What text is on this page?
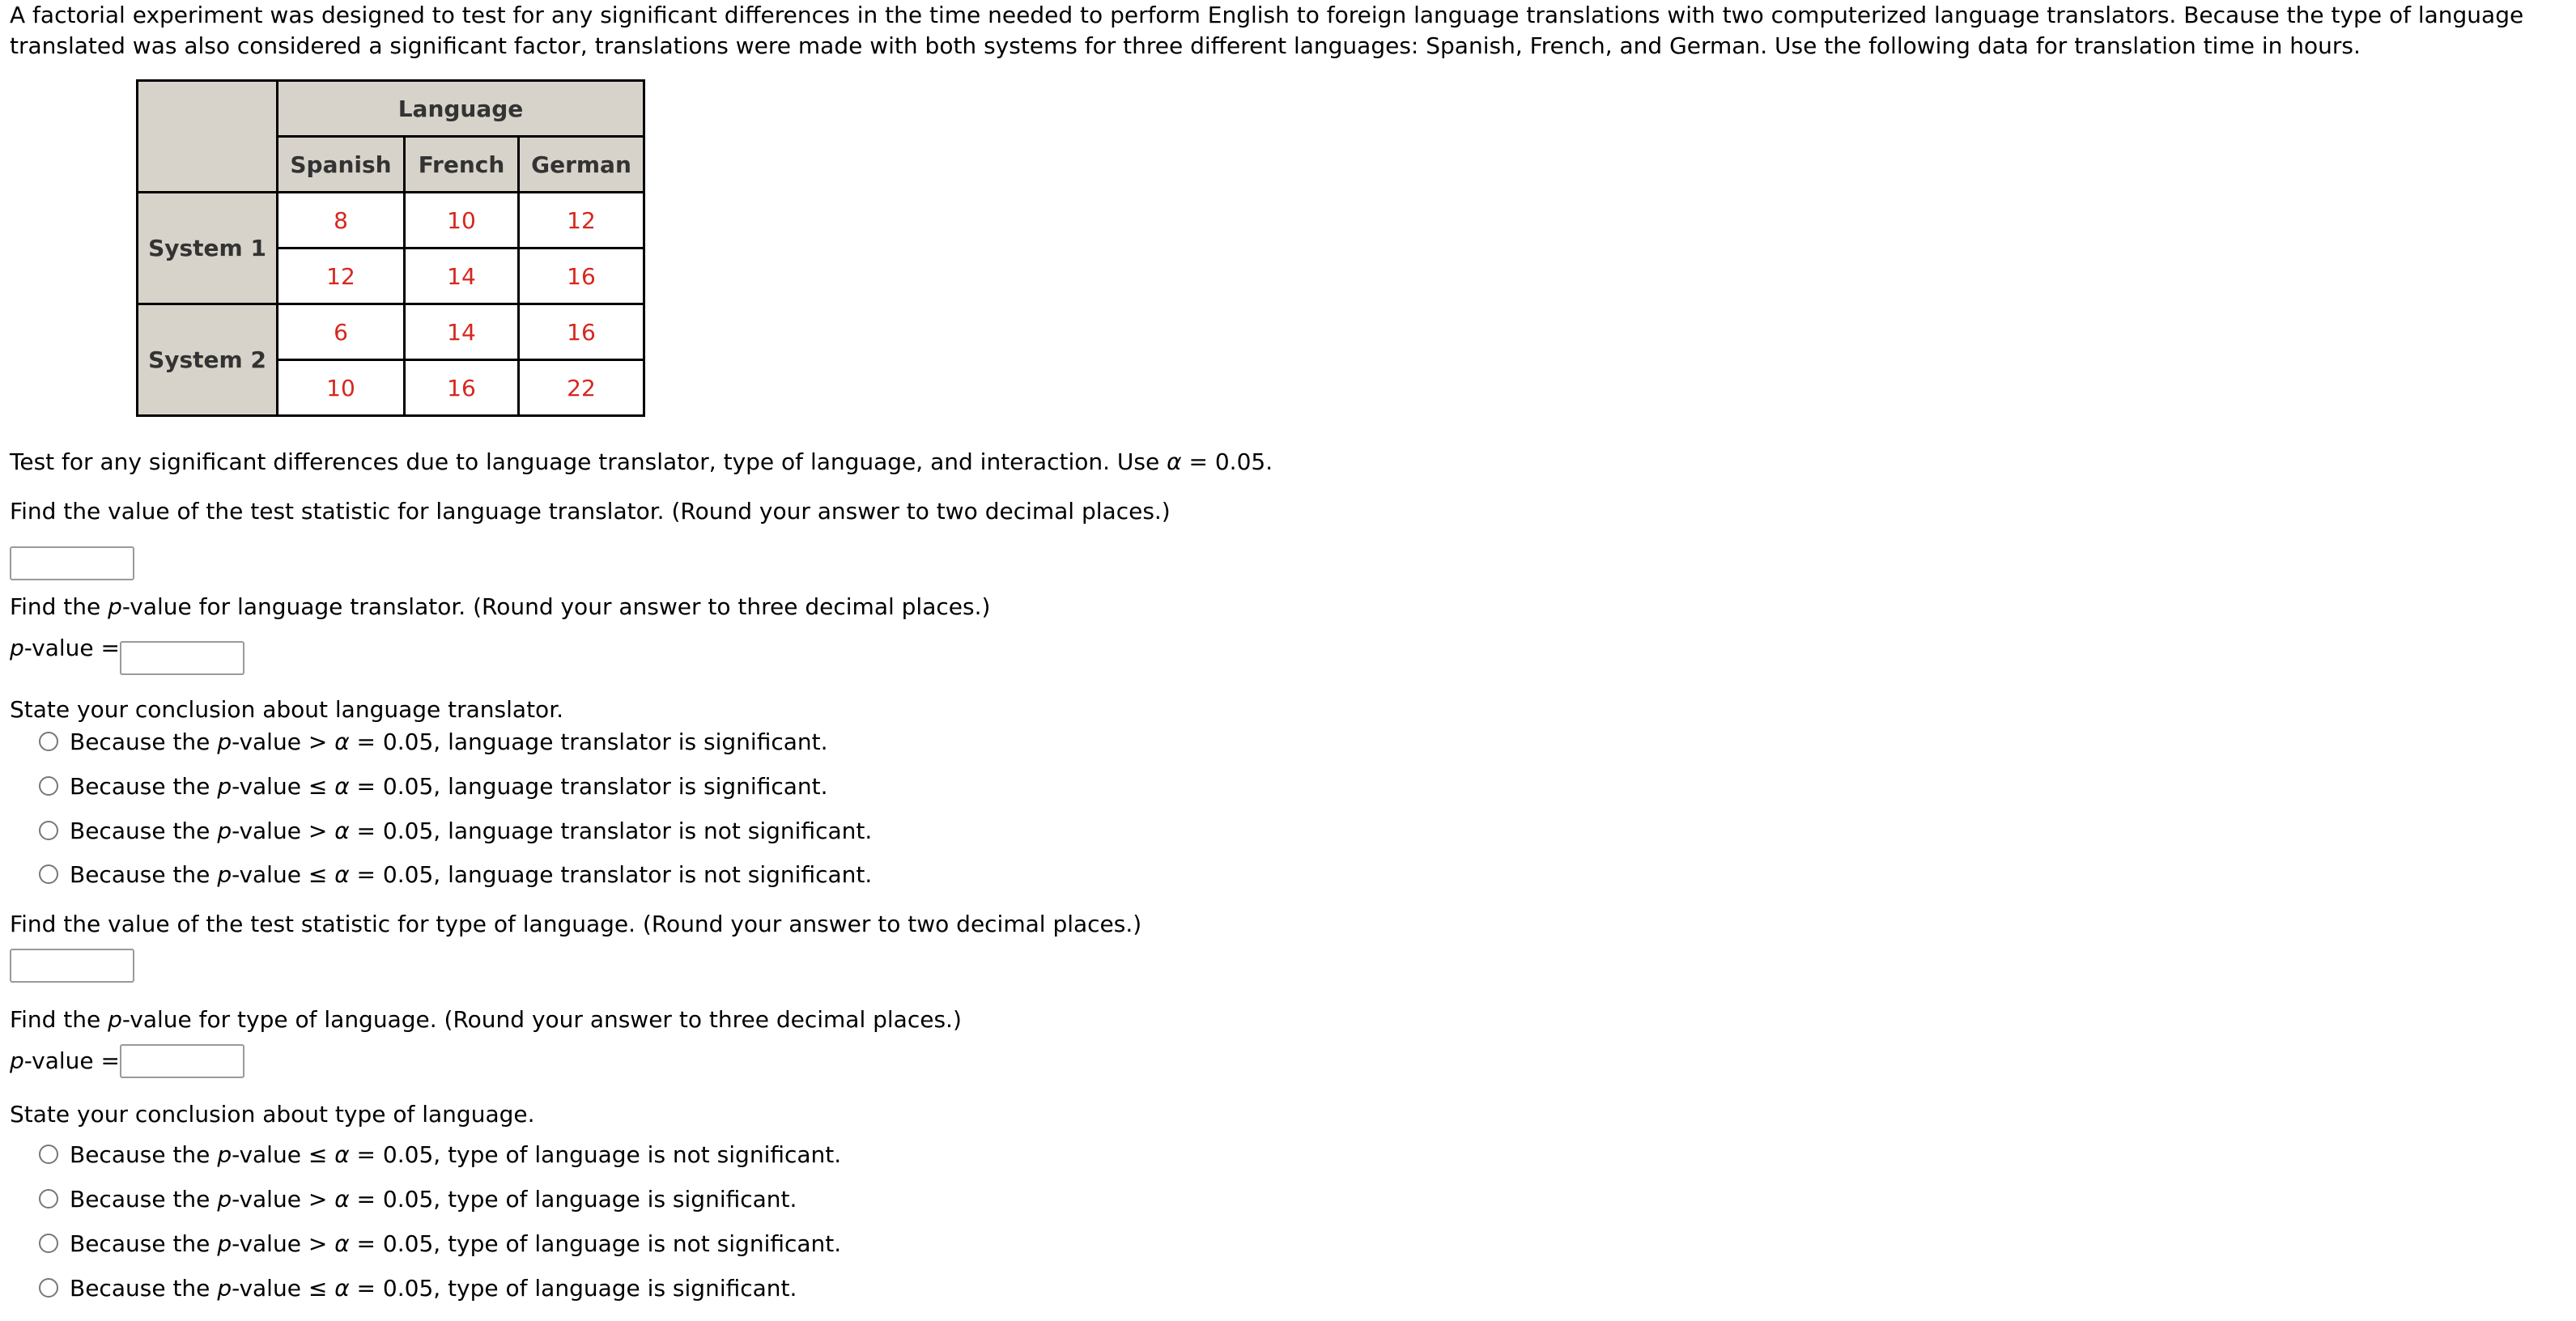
A factorial experiment was designed to test for any significant differences in the time needed to perform English to foreign language translations with two computerized language translators. Because the type of language translated was also considered a significant factor, translations were made with both systems for three different languages: Spanish, French, and German. Use the following data for translation time in hours.

	Language		
	Spanish	French	German
System 1	8	10	12
	12	14	16
System 2	6	14	16
	10	16	22

Test for any significant differences due to language translator, type of language, and interaction. Use α = 0.05.

Find the value of the test statistic for language translator. (Round your answer to two decimal places.)

Find the p-value for language translator. (Round your answer to three decimal places.)

p-value =

State your conclusion about language translator.

Because the p-value > α = 0.05, language translator is significant.
Because the p-value ≤ α = 0.05, language translator is significant.
Because the p-value > α = 0.05, language translator is not significant.
Because the p-value ≤ α = 0.05, language translator is not significant.

Find the value of the test statistic for type of language. (Round your answer to two decimal places.)

Find the p-value for type of language. (Round your answer to three decimal places.)

p-value =

State your conclusion about type of language.

Because the p-value ≤ α = 0.05, type of language is not significant.
Because the p-value > α = 0.05, type of language is significant.
Because the p-value > α = 0.05, type of language is not significant.
Because the p-value ≤ α = 0.05, type of language is significant.
